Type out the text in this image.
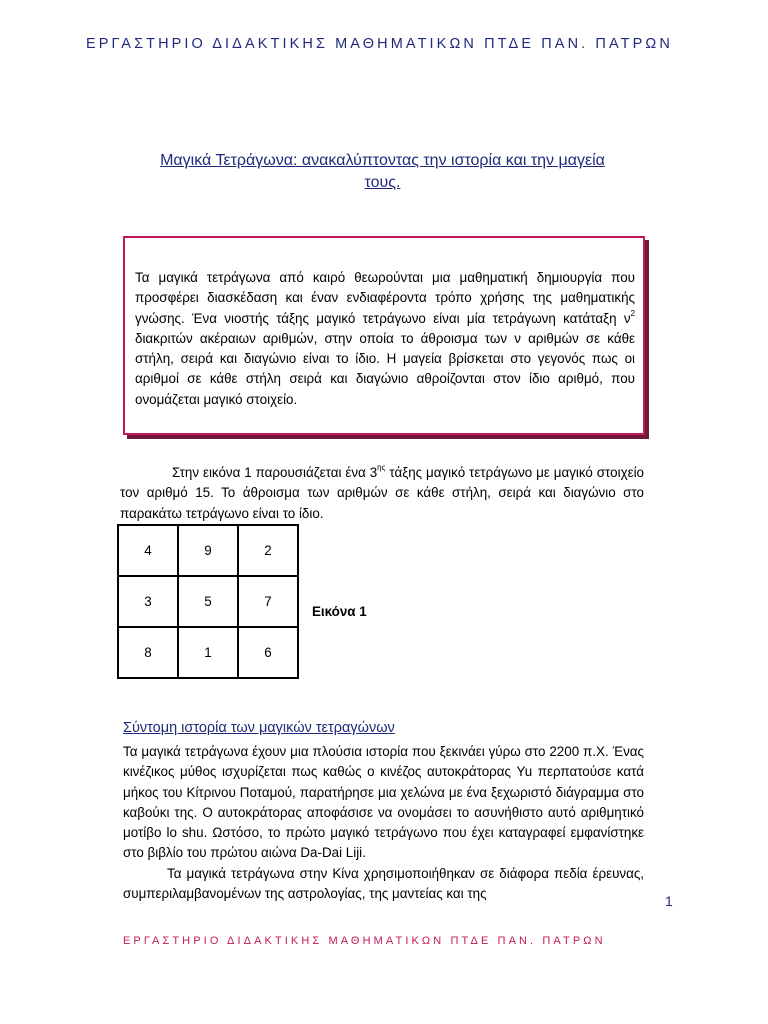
ΕΡΓΑΣΤΗΡΙΟ ΔΙΔΑΚΤΙΚΗΣ ΜΑΘΗΜΑΤΙΚΩΝ ΠΤΔΕ ΠΑΝ. ΠΑΤΡΩΝ
Μαγικά Τετράγωνα: ανακαλύπτοντας την ιστορία και την μαγεία
τους.
Τα μαγικά τετράγωνα από καιρό θεωρούνται μια μαθηματική δημιουργία που προσφέρει διασκέδαση και έναν ενδιαφέροντα τρόπο χρήσης της μαθηματικής γνώσης. Ένα νιοστής τάξης μαγικό τετράγωνο είναι μία τετράγωνη κατάταξη $\nu^2$ διακριτών ακέραιων αριθμών, στην οποία το άθροισμα των ν αριθμών σε κάθε στήλη, σειρά και διαγώνιο είναι το ίδιο. Η μαγεία βρίσκεται στο γεγονός πως οι αριθμοί σε κάθε στήλη σειρά και διαγώνιο αθροίζονται στον ίδιο αριθμό, που ονομάζεται μαγικό στοιχείο.
Στην εικόνα 1 παρουσιάζεται ένα $3^{\eta\varsigma}$ τάξης μαγικό τετράγωνο με μαγικό στοιχείο τον αριθμό 15. Το άθροισμα των αριθμών σε κάθε στήλη, σειρά και διαγώνιο στο παρακάτω τετράγωνο είναι το ίδιο.
4	9	2
3	5	7
8	1	6
Εικόνα 1
Σύντομη ιστορία των μαγικών τετραγώνων

Τα μαγικά τετράγωνα έχουν μια πλούσια ιστορία που ξεκινάει γύρω στο 2200 π.Χ. Ένας κινέζικος μύθος ισχυρίζεται πως καθώς ο κινέζος αυτοκράτορας Yu περπατούσε κατά μήκος του Κίτρινου Ποταμού, παρατήρησε μια χελώνα με ένα ξεχωριστό διάγραμμα στο καβούκι της. Ο αυτοκράτορας αποφάσισε να ονομάσει το ασυνήθιστο αυτό αριθμητικό μοτίβο lo shu. Ωστόσο, το πρώτο μαγικό τετράγωνο που έχει καταγραφεί εμφανίστηκε στο βιβλίο του πρώτου αιώνα Da-Dai Liji.

Τα μαγικά τετράγωνα στην Κίνα χρησιμοποιήθηκαν σε διάφορα πεδία έρευνας, συμπεριλαμβανομένων της αστρολογίας, της μαντείας και της	1
ΕΡΓΑΣΤΗΡΙΟ ΔΙΔΑΚΤΙΚΗΣ ΜΑΘΗΜΑΤΙΚΩΝ ΠΤΔΕ ΠΑΝ. ΠΑΤΡΩΝ
